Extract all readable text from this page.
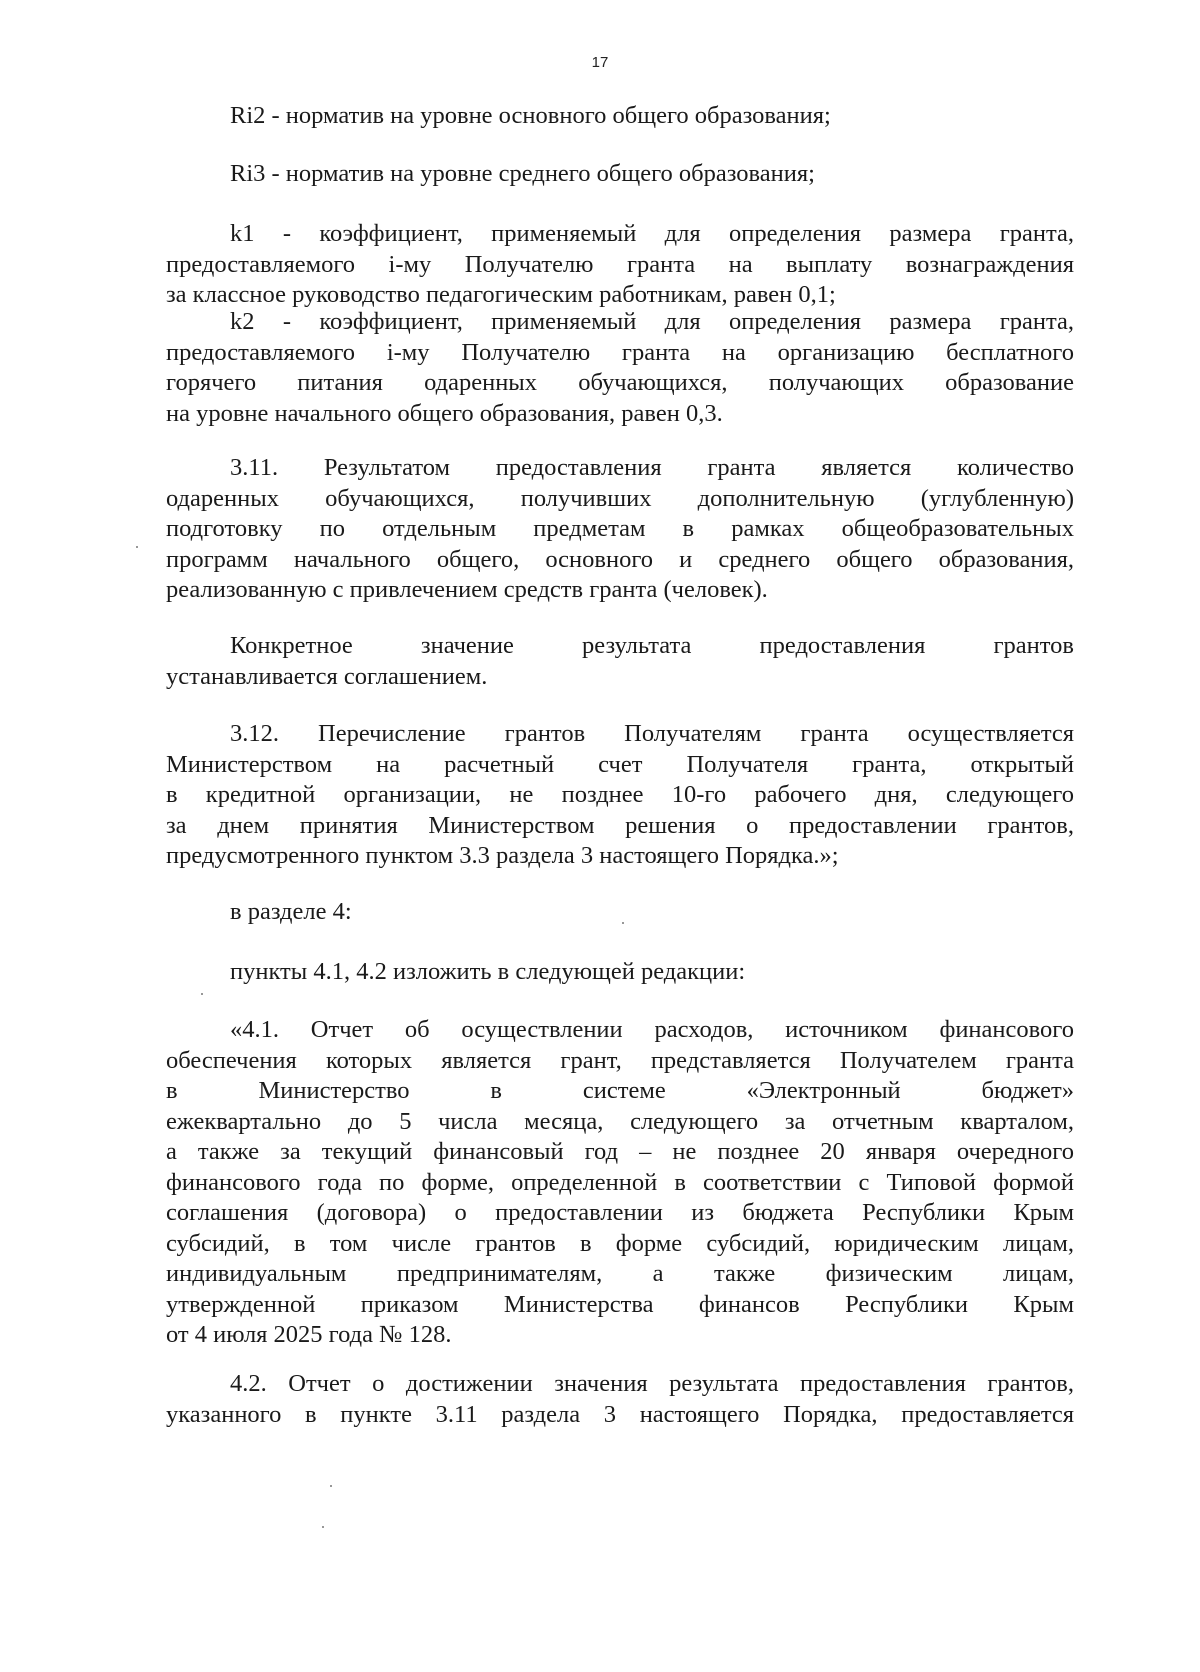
17
Ri2 - норматив на уровне основного общего образования;
Ri3 - норматив на уровне среднего общего образования;
k1 - коэффициент, применяемый для определения размера гранта,
предоставляемого i-му Получателю гранта на выплату вознаграждения
за классное руководство педагогическим работникам, равен 0,1;
k2 - коэффициент, применяемый для определения размера гранта,
предоставляемого i-му Получателю гранта на организацию бесплатного
горячего питания одаренных обучающихся, получающих образование
на уровне начального общего образования, равен 0,3.
3.11. Результатом предоставления гранта является количество
одаренных обучающихся, получивших дополнительную (углубленную)
подготовку по отдельным предметам в рамках общеобразовательных
программ начального общего, основного и среднего общего образования,
реализованную с привлечением средств гранта (человек).
Конкретное значение результата предоставления грантов
устанавливается соглашением.
3.12. Перечисление грантов Получателям гранта осуществляется
Министерством на расчетный счет Получателя гранта, открытый
в кредитной организации, не позднее 10-го рабочего дня, следующего
за днем принятия Министерством решения о предоставлении грантов,
предусмотренного пунктом 3.3 раздела 3 настоящего Порядка.»;
в разделе 4:
пункты 4.1, 4.2 изложить в следующей редакции:
«4.1. Отчет об осуществлении расходов, источником финансового
обеспечения которых является грант, представляется Получателем гранта
в Министерство в системе «Электронный бюджет»
ежеквартально до 5 числа месяца, следующего за отчетным кварталом,
а также за текущий финансовый год – не позднее 20 января очередного
финансового года по форме, определенной в соответствии с Типовой формой
соглашения (договора) о предоставлении из бюджета Республики Крым
субсидий, в том числе грантов в форме субсидий, юридическим лицам,
индивидуальным предпринимателям, а также физическим лицам,
утвержденной приказом Министерства финансов Республики Крым
от 4 июля 2025 года № 128.
4.2. Отчет о достижении значения результата предоставления грантов,
указанного в пункте 3.11 раздела 3 настоящего Порядка, предоставляется
